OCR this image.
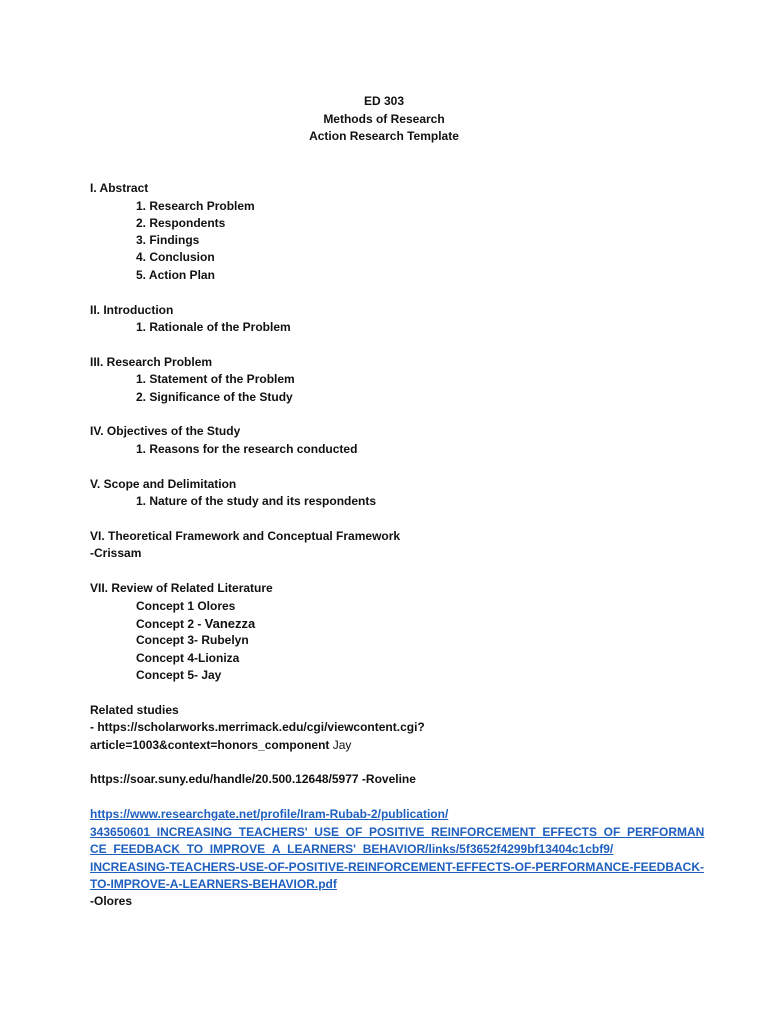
ED 303
Methods of Research
Action Research Template
I. Abstract
1. Research Problem
2. Respondents
3. Findings
4. Conclusion
5. Action Plan
II. Introduction
1. Rationale of the Problem
III. Research Problem
1. Statement of the Problem
2. Significance of the Study
IV. Objectives of the Study
1. Reasons for the research conducted
V. Scope and Delimitation
1. Nature of the study and its respondents
VI. Theoretical Framework and Conceptual Framework
-Crissam
VII. Review of Related Literature
Concept 1 Olores
Concept 2 - Vanezza
Concept 3- Rubelyn
Concept 4-Lioniza
Concept 5- Jay
Related studies
- https://scholarworks.merrimack.edu/cgi/viewcontent.cgi?
article=1003&context=honors_component Jay
https://soar.suny.edu/handle/20.500.12648/5977 -Roveline
https://www.researchgate.net/profile/Iram-Rubab-2/publication/
343650601_INCREASING_TEACHERS'_USE_OF_POSITIVE_REINFORCEMENT_EFFECTS_OF_PERFORMAN
CE_FEEDBACK_TO_IMPROVE_A_LEARNERS'_BEHAVIOR/links/5f3652f4299bf13404c1cbf9/
INCREASING-TEACHERS-USE-OF-POSITIVE-REINFORCEMENT-EFFECTS-OF-PERFORMANCE-FEEDBACK-
TO-IMPROVE-A-LEARNERS-BEHAVIOR.pdf
-Olores
